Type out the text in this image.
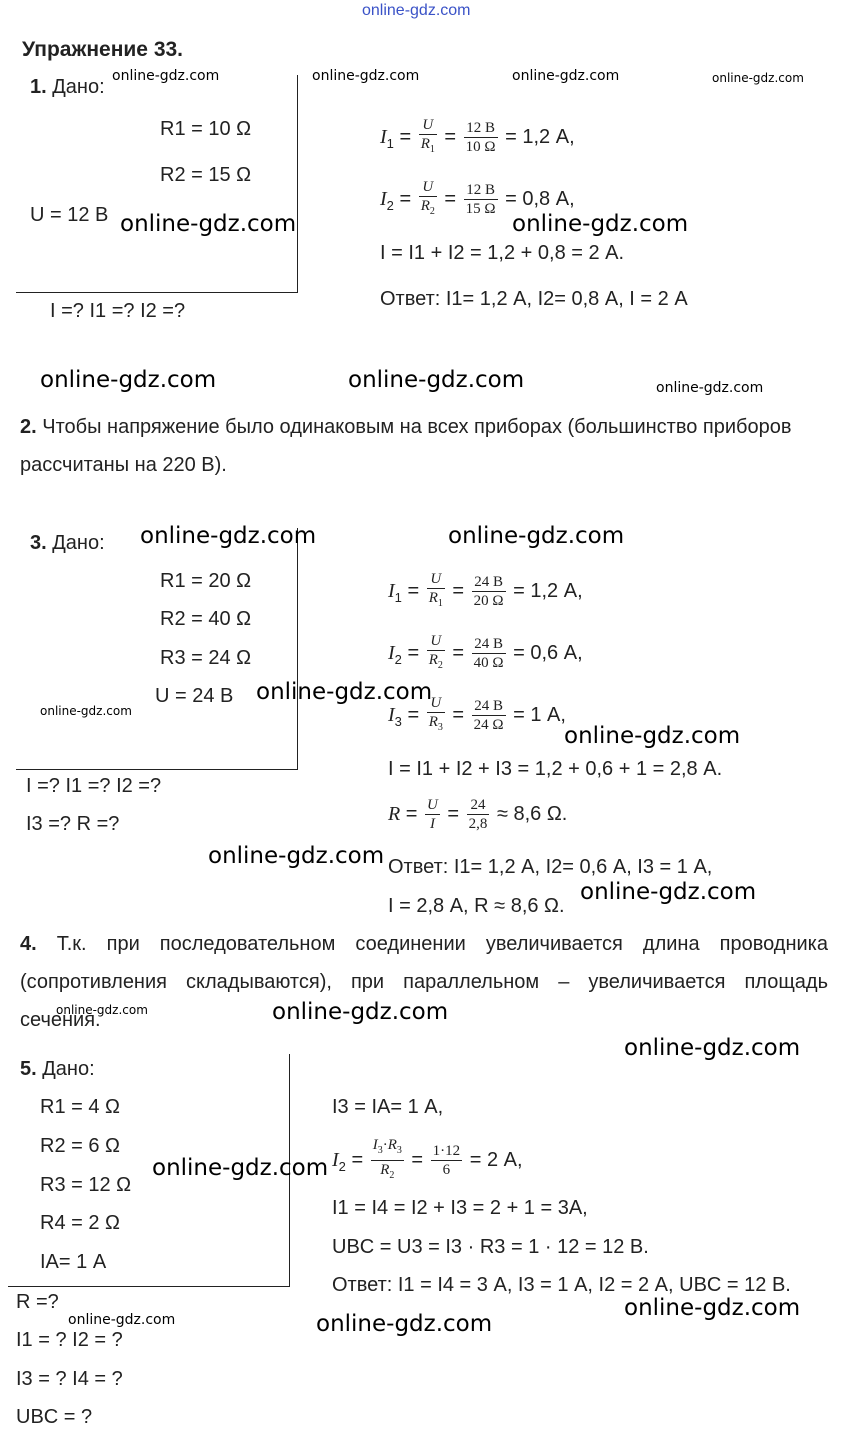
online-gdz.com
Упражнение 33.
1. Дано:
R1 = 10 Ω
R2 = 15 Ω
U = 12 В
I =? I1 =? I2 =?
$I_1 = \frac{U}{R_1} = \frac{12 В}{10 \Omega} = 1,2$ А,
$I_2 = \frac{U}{R_2} = \frac{12 В}{15 \Omega} = 0,8$ А,
I = I1 + I2 = 1,2 + 0,8 = 2 А.
Ответ: I1= 1,2 А, I2= 0,8 А, I = 2 А
2. Чтобы напряжение было одинаковым на всех приборах (большинство приборов рассчитаны на 220 В).
3. Дано:
R1 = 20 Ω
R2 = 40 Ω
R3 = 24 Ω
U = 24 В
I =? I1 =? I2 =?
I3 =? R =?
$I_1 = \frac{U}{R_1} = \frac{24 В}{20 \Omega} = 1,2$ А,
$I_2 = \frac{U}{R_2} = \frac{24 В}{40 \Omega} = 0,6$ А,
$I_3 = \frac{U}{R_3} = \frac{24 В}{24 \Omega} = 1$ А,
I = I1 + I2 + I3 = 1,2 + 0,6 + 1 = 2,8 А.
$R = \frac{U}{I} = \frac{24}{2,8} \approx 8,6$ Ω.
Ответ: I1= 1,2 А, I2= 0,6 А, I3 = 1 А,
I = 2,8 А, R ≈ 8,6 Ω.
4. Т.к. при последовательном соединении увеличивается длина проводника (сопротивления складываются), при параллельном – увеличивается площадь сечения.
5. Дано:
R1 = 4 Ω
R2 = 6 Ω
R3 = 12 Ω
R4 = 2 Ω
IA= 1 А
R =?
I1 = ? I2 = ?
I3 = ? I4 = ?
UBC = ?
I3 = IA= 1 А,
$I_2 = \frac{I_3\cdot R_3}{R_2} = \frac{1\cdot 12}{6} = 2$ А,
I1 = I4 = I2 + I3 = 2 + 1 = 3А,
UBC = U3 = I3 · R3 = 1 · 12 = 12 В.
Ответ: I1 = I4 = 3 А, I3 = 1 А, I2 = 2 А, UBC = 12 В.
online-gdz.com	online-gdz.com	online-gdz.com	online-gdz.com
online-gdz.com	online-gdz.com
online-gdz.com	online-gdz.com	online-gdz.com
online-gdz.com	online-gdz.com
online-gdz.com
online-gdz.com
online-gdz.com
online-gdz.com
online-gdz.com
online-gdz.com	online-gdz.com
online-gdz.com
online-gdz.com
online-gdz.com
online-gdz.com	online-gdz.com
